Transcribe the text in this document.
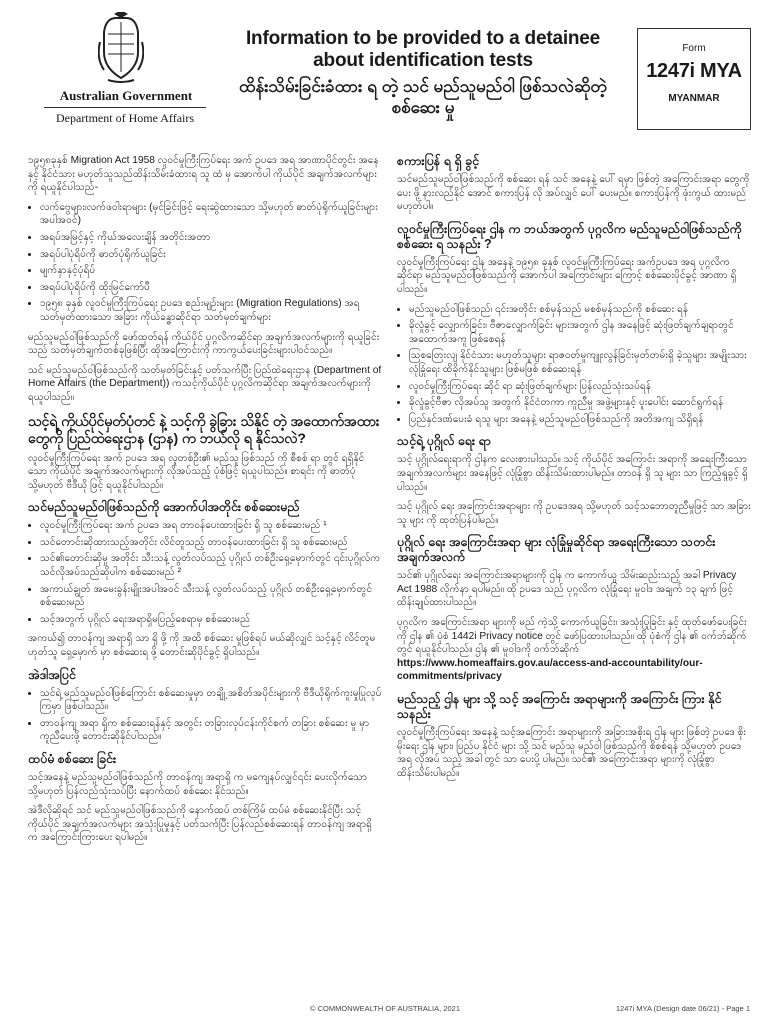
Australian Government
Department of Home Affairs
Information to be provided to a detainee about identification tests
ထိန်းသိမ်းခြင်းခံထား ရ တဲ့ သင် မည်သူမည်ဝါ ဖြစ်သလဲဆိုတဲ့ စစ်ဆေး မှု
Form
1247i MYA
MYANMAR

၁၉၅၈ခုနှစ် Migration Act 1958 လူဝင်မှုကြီးကြပ်ရေး အက် ဥပဒေ အရ အာဏာပိုင်တွင်း အနေနှင့် နိုင်ငံသား မဟုတ်သူသည်ထိန်းသိမ်းခံထားရ သူ ထံ မှ အောက်ပါ ကိုယ်ပိုင် အချက်အလက်များကို ရယူနိုင်ပါသည်-

• လက်ဗွေများ၊လက်ဖဝါးရာများ (မှင်ခြင်းဖြင့် ရေးဆွဲထားသော သို့မဟုတ် ဓာတ်ပုံရိုက်ယူခြင်းများ အပါအဝင်)
• အရပ်အမြင့်နှင့် ကိုယ်အလေးချိန် အတိုင်းအတာ
• အရပ်ပါပုံရိပ်ကို ဓာတ်ပုံရိုက်ယူခြင်း
• မျက်နှာနှင့်ပုံရိပ်
• အရပ်ပါပုံရိပ်ကို ထိုးမြင်ကော်ပီ
• ၁၉၅၈ ခုနှစ် လူဝင်မှုကြီးကြပ်ရေး ဥပဒေ စည်းမျဉ်းများ (Migration Regulations) အရ သတ်မှတ်ထားသော အခြား ကိုယ်ခန္ဓာဆိုင်ရာ သတ်မှတ်ချက်များ

မည်သူမည်ဝါဖြစ်သည်ကို ဖော်ထုတ်ရန် ကိုယ်ပိုင် ပုဂ္ဂလိကဆိုင်ရာ အချက်အလက်များကို ရယူခြင်းသည် သတ်မှတ်ချက်တစ်ခုဖြစ်ပြီး ထိုအကြောင်းကို ကာကွယ်ပေးခြင်းများပါဝင်သည်။

သင် မည်သူမည်ဝါဖြစ်သည်ကို သတ်မှတ်ခြင်းနှင့် ပတ်သက်ပြီး ပြည်ထဲရေးဌာန (Department of Home Affairs (the Department)) ကသင့်ကိုယ်ပိုင် ပုဂ္ဂလိကဆိုင်ရာ အချက်အလက်များကို ရယူပါသည်။

သင့်ရဲ့ ကိုယ်ပိုင်မှတ်ပုံတင် နဲ့ သင့်ကို ခွဲခြား သိနိုင် တဲ့ အထောက်အထားတွေကို ပြည်ထဲရေးဌာန (ဌာန) က ဘယ်လို ရ နိုင်သလဲ?

လူဝင်မှုကြီးကြပ်ရေး အက် ဥပဒေ အရ လူတစ်ဦး၏ မည်သူ ဖြစ်သည် ကို စီစစ် ရာ တွင် ရရှိနိုင်သော ကိုယ်ပိုင် အချက်အလက်များကို လိုအပ်သည့် ပုံစံဖြင့် ရယူပါသည်။ စာရင်း ကို ဓာတ်ပုံ သို့မဟုတ် ဗီဒီယို ဖြင့် ရယူနိုင်ပါသည်။

သင်မည်သူမည်ဝါဖြစ်သည်ကို အောက်ပါအတိုင်း စစ်ဆေးမည်
• လူဝင်မှုကြီးကြပ်ရေး အက် ဥပဒေ အရ တာဝန်ပေးထားခြင်း ရှိ သူ စစ်ဆေးမည် ¹
• သင်တောင်းဆိုထားသည့်အတိုင်း လိင်တူသည့် တာဝန်ပေးထားခြင်း ရှိ သူ စစ်ဆေးမည်
• သင်၏တောင်းဆိုမှု အတိုင်း သီးသန့် လွတ်လပ်သည့် ပုဂ္ဂိုလ် တစ်ဦးရှေ့မှောက်တွင် ၎င်းပုဂ္ဂိုလ်ကသင်လိုအပ်သည်ဆိုပါက စစ်ဆေးမည် ²
• အကာယ်ချွတ် အမေးခွန်းမျိုးအပါအဝင် သီးသန့် လွတ်လပ်သည့် ပုဂ္ဂိုလ် တစ်ဦးရှေ့မှောက်တွင်စစ်ဆေးမည်
• သင့်အတွက် ပုဂ္ဂိုလ် ရေးအရာရှိမပြည့်စေရာမှ စစ်ဆေးမည်

အကယ်၍ တာဝန်ကျ အရာရှိ သာ ရှိ ဖို့ ကို အထိ စစ်ဆေး မှုဖြစ်ရပ် မယ်ဆိုလျှင် သင့်နှင့် လိင်တူမဟုတ်သူ ရှေ့မှောက် မှာ စစ်ဆေးရ ဖို့ တောင်းဆိုပိုင်ခွင့် ရှိပါသည်။

အဲဒါအပြင်
• သင်ရဲ့ မည်သူမည်ဝါဖြစ်ကြောင်း စစ်ဆေးမှုမှာ တချို့ အစိတ်အပိုင်းများကို ဗီဒီယိုရိုက်ကူးမှုပြုလုပ်ကြမှာ ဖြစ်ပါသည်။
• တာဝန်ကျ အရာ ရှိက စစ်ဆေးရန်နှင့် အတွင်း တခြားလုပ်ငန်းကိုင်စက် တခြား စစ်ဆေး မှု မှာ ကူညီပေးဖို့ တောင်းဆိုနိုင်ပါသည်။
ထပ်မံ စစ်ဆေး ခြင်း

သင့်အနေနဲ့ မည်သူမည်ဝါဖြစ်သည်ကို တာဝန်ကျ အရာရှိ က မကျေနပ်လျှင်၎င်း ပေးလိုက်သော သို့မဟုတ် ပြန်လည်သုံးသပ်ပြီး နောက်ထပ် စစ်ဆေး နိုင်သည်။

အဲဒီလိုဆိုရင် သင် မည်သူမည်ဝါဖြစ်သည်ကို နောက်ထပ် တစ်ကြိမ် ထပ်မံ စစ်ဆေးနိုင်ပြီး သင့်ကိုယ်ပိုင် အချက်အလက်များ အသုံးပြုမှုနှင့် ပတ်သက်ပြီး ပြန်လည်စစ်ဆေးရန် တာဝန်ကျ အရာရှိ က အကြောင်းကြားပေး ရပါမည်။

စကားပြန် ရ ရှိ ခွင့်

သင်မည်သူမည်ဝါဖြစ်သည်ကို စစ်ဆေး ရန် သင် အနေနဲ့ ပေါ် ရမှာ ဖြစ်တဲ့ အကြောင်းအရာ တွေကို ပေး ဖို့ နားလည်နိုင် အောင် စကားပြန် လို အပ်လျှင် ပေါ် ပေးမည်။ စကားပြန်ကို ဖုံးကွယ် ထားမည် မဟုတ်ပါ။

လူဝင်မှုကြီးကြပ်ရေး ဌါန က ဘယ်အတွက် ပုဂ္ဂလိက မည်သူမည်ဝါဖြစ်သည်ကို စစ်ဆေး ရ သနည်း ?

လူဝင်မှုကြီးကြပ်ရေး ဌါန အနေနဲ့ ၁၉၅၈ ခုနှစ် လူဝင်မှုကြီးကြပ်ရေး အက်ဥပဒေ အရ ပုဂ္ဂလိကဆိုင်ရာ မည်သူမည်ဝါဖြစ်သည်ကို အောက်ပါ အကြောင်းများ ကြောင့် စစ်ဆေးပိုင်ခွင့် အာဏာ ရှိ ပါသည်။

• မည်သူမည်ဝါဖြစ်သည်၊ ၎င်းအတိုင်း စစ်မှန်သည် မစစ်မှန်သည်ကို စစ်ဆေး ရန်
• ခိုလှုံခွင့် လျှောက်ခြင်း၊ ဗီဇာလျှောက်ခြင်း များအတွက် ဌါန အနေဖြင့် ဆုံးဖြတ်ချက်ချရာတွင် အထောက်အကူ ဖြစ်စေရန်
• သြစတြေးလျ နိုင်ငံသား မဟုတ်သူများ ရာဇဝတ်မှုကျူးလွန်ခြင်းမှတ်တမ်းရှိ ခဲ့သူများ အမျိုးသားလုံခြုံရေး ထိခိုက်နိုင်သူများ ဖြစ်မဖြစ် စစ်ဆေးရန်
• လူဝင်မှုကြီးကြပ်ရေး ဆိုင် ရာ ဆုံးဖြတ်ချက်များ ပြန်လည်သုံးသပ်ရန်
• ခိုလှုံခွင့်ဗီဇာ လိုအပ်သူ အတွက် နိုင်ငံတကာ ကူညီမှု အဖွဲ့များနှင့် ပူးပေါင်း ဆောင်ရွက်ရန်
• ပြည်နှင်ဒဏ်ပေးခံ ရသူ များ အနေနဲ့ မည်သူမည်ဝါဖြစ်သည်ကို အတိအကျ သိရှိရန်
သင့်ရဲ့ ပုဂ္ဂိုလ် ရေး ရာ

သင့် ပုဂ္ဂိုလ်ရေးရာကို ဌါနက လေးစားပါသည်။ သင့် ကိုယ်ပိုင် အကြောင်း အရာကို အရေးကြီးသော အချက်အလက်များ အနေဖြင့် လုံခြုံစွာ ထိန်းသိမ်းထားပါမည်။ တာဝန် ရှိ သူ များ သာ ကြည့်ရှုခွင့် ရှိပါသည်။

သင့် ပုဂ္ဂိုလ် ရေး အကြောင်းအရာများ ကို ဥပဒေအရ သို့မဟုတ် သင့်သဘောတူညီမှုဖြင့် သာ အခြား သူ များ ကို ထုတ်ပြန်ပါမည်။

ပုဂ္ဂိုလ် ရေး အကြောင်းအရာ များ လုံခြုံမှုဆိုင်ရာ အရေးကြီးသော သတင်းအချက်အလက်

သင်၏ ပုဂ္ဂိုလ်ရေး အကြောင်းအရာများကို ဌါန က ကောက်ယူ သိမ်းဆည်းသည့် အခါ Privacy Act 1988 လိုက်နာ ရပါမည်။ ထို ဥပဒေ သည် ပုဂ္ဂလိက လုံခြုံရေး မူဝါဒ အချက် ၁၃ ချက် ဖြင့်ထိန်းချုပ်ထားပါသည်။

ပုဂ္ဂလိက အကြောင်းအရာ များကို မည် ကဲ့သို့ ကောက်ယူခြင်း၊ အသုံးပြုခြင်း နှင့် ထုတ်ဖော်ပေးခြင်းကို ဌါန ၏ ပုံစံ 1442i Privacy notice တွင် ဖော်ပြထားပါသည်။ ထို ပုံစံကို ဌါန ၏ ဝက်ဘ်ဆိုက်တွင် ရယူနိုင်ပါသည်။ ဌါန ၏ မူဝါဒကို ဝက်ဘ်ဆိုက် https://www.homeaffairs.gov.au/access-and-accountability/our-commitments/privacy

မည်သည့် ဌါန များ သို့ သင့် အကြောင်း အရာများကို အကြောင်း ကြား နိုင် သနည်း

လူဝင်မှုကြီးကြပ်ရေး အနေနဲ့ သင့်အကြောင်း အရာများကို အခြားအစိုးရ ဌါန များ ဖြစ်တဲ့ ဥပဒေ စိုးမိုးရေး ဌါန များ၊ ပြည်ပ နိုင်ငံ များ သို့ သင် မည်သူ မည်ဝါ ဖြစ်သည်ကို စိစစ်ရန် သို့မဟုတ် ဥပဒေ အရ လိုအပ် သည့် အခါ တွင် သာ ပေးပို့ ပါမည်။ သင်၏ အကြောင်းအရာ များကို လုံခြုံစွာ ထိန်းသိမ်းပါမည်။

© COMMONWEALTH OF AUSTRALIA, 2021	1247i MYA (Design date 06/21) - Page 1
